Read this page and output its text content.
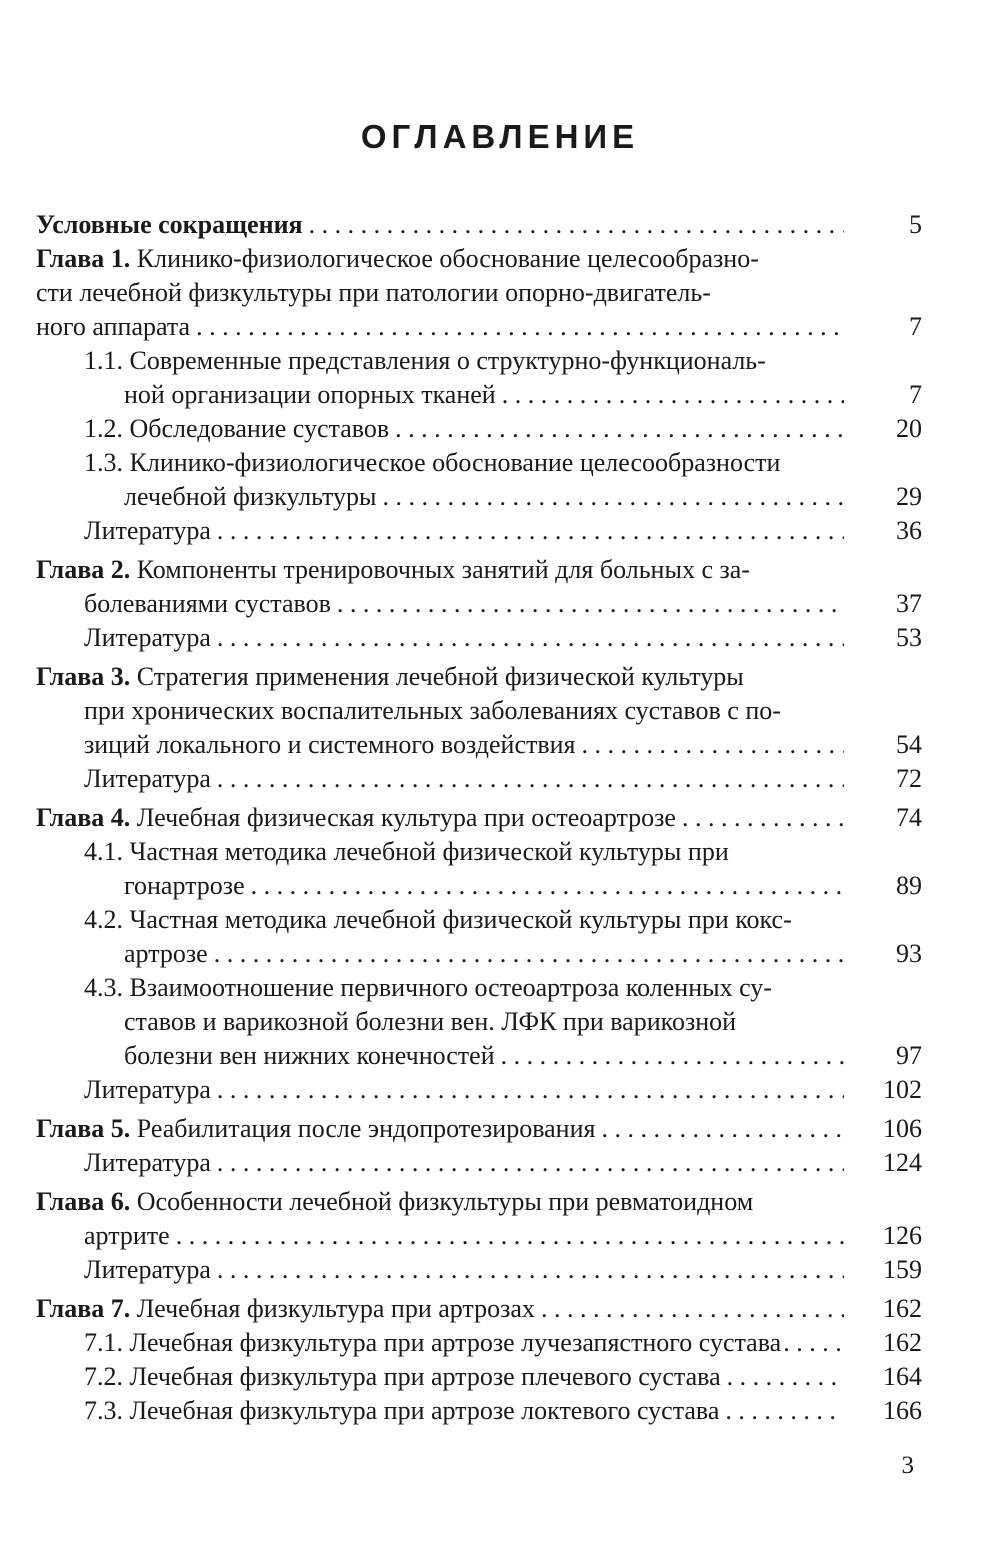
ОГЛАВЛЕНИЕ
Условные сокращения . . .	5
Глава 1. Клинико-физиологическое обоснование целесообразно-
сти лечебной физкультуры при патологии опорно-двигатель-
ного аппарата . . .	7
1.1. Современные представления о структурно-функциональ-
ной организации опорных тканей . . .	7
1.2. Обследование суставов . . .	20
1.3. Клинико-физиологическое обоснование целесообразности
лечебной физкультуры . . .	29
Литература . . .	36
Глава 2. Компоненты тренировочных занятий для больных с за-
болеваниями суставов . . .	37
Литература . . .	53
Глава 3. Стратегия применения лечебной физической культуры
при хронических воспалительных заболеваниях суставов с по-
зиций локального и системного воздействия . . .	54
Литература . . .	72
Глава 4. Лечебная физическая культура при остеоартрозе . . .	74
4.1. Частная методика лечебной физической культуры при
гонартрозе . . .	89
4.2. Частная методика лечебной физической культуры при кокс-
артрозе . . .	93
4.3. Взаимоотношение первичного остеоартроза коленных су-
ставов и варикозной болезни вен. ЛФК при варикозной
болезни вен нижних конечностей . . .	97
Литература . . .	102
Глава 5. Реабилитация после эндопротезирования . . .	106
Литература . . .	124
Глава 6. Особенности лечебной физкультуры при ревматоидном
артрите . . .	126
Литература . . .	159
Глава 7. Лечебная физкультура при артрозах . . .	162
7.1. Лечебная физкультура при артрозе лучезапястного сустава . . .	162
7.2. Лечебная физкультура при артрозе плечевого сустава . . .	164
7.3. Лечебная физкультура при артрозе локтевого сустава . . .	166
3
